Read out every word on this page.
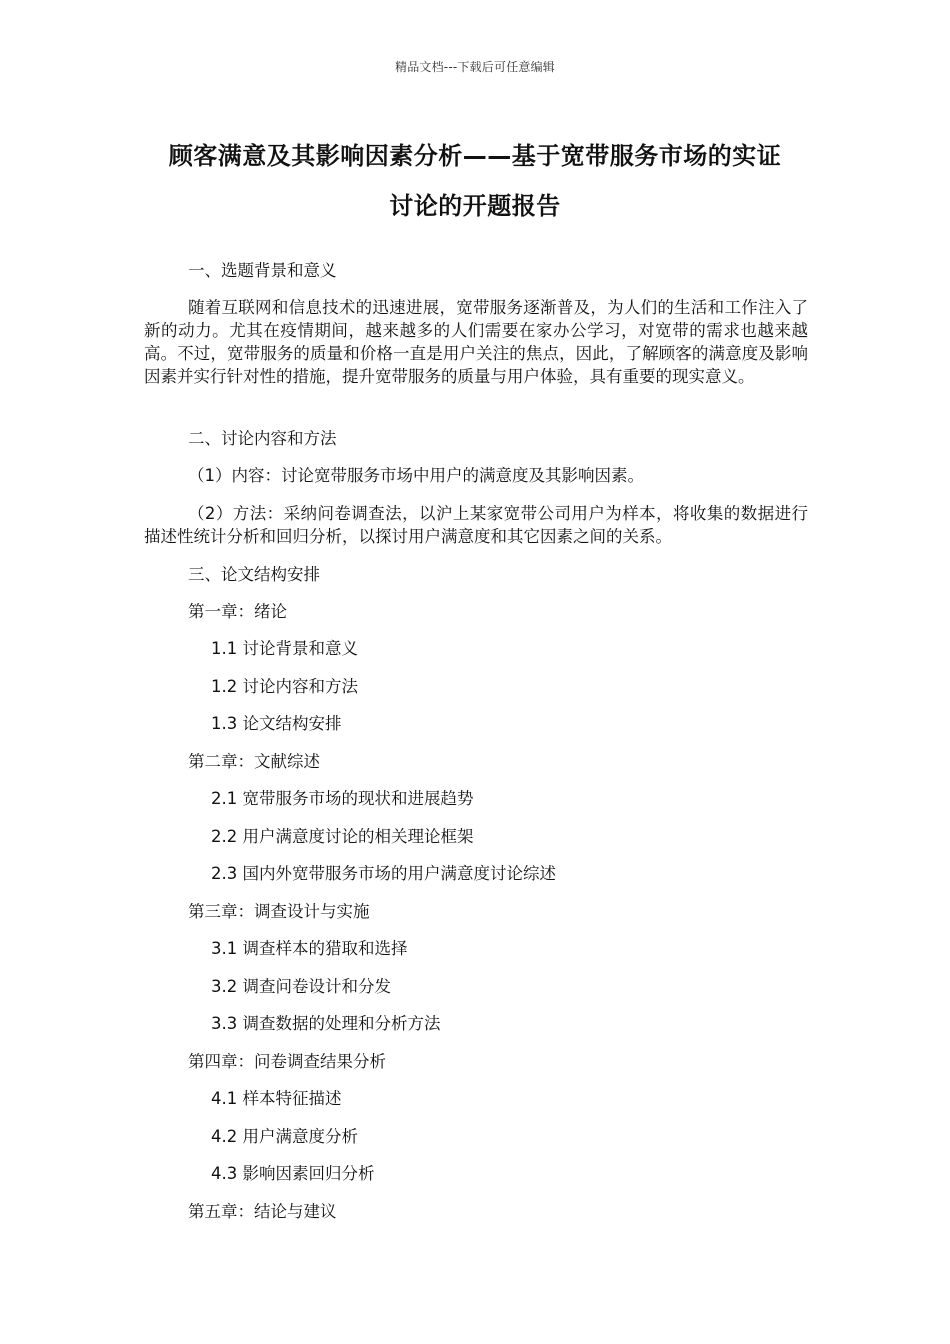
精品文档---下载后可任意编辑
顾客满意及其影响因素分析——基于宽带服务市场的实证
讨论的开题报告
一、选题背景和意义
随着互联网和信息技术的迅速进展，宽带服务逐渐普及，为人们的生活和工作注入了新的动力。尤其在疫情期间，越来越多的人们需要在家办公学习，对宽带的需求也越来越高。不过，宽带服务的质量和价格一直是用户关注的焦点，因此，了解顾客的满意度及影响因素并实行针对性的措施，提升宽带服务的质量与用户体验，具有重要的现实意义。
二、讨论内容和方法
（1）内容：讨论宽带服务市场中用户的满意度及其影响因素。
（2）方法：采纳问卷调查法，以沪上某家宽带公司用户为样本，将收集的数据进行描述性统计分析和回归分析，以探讨用户满意度和其它因素之间的关系。
三、论文结构安排
第一章：绪论
1.1 讨论背景和意义
1.2 讨论内容和方法
1.3 论文结构安排
第二章：文献综述
2.1 宽带服务市场的现状和进展趋势
2.2 用户满意度讨论的相关理论框架
2.3 国内外宽带服务市场的用户满意度讨论综述
第三章：调查设计与实施
3.1 调查样本的猎取和选择
3.2 调查问卷设计和分发
3.3 调查数据的处理和分析方法
第四章：问卷调查结果分析
4.1 样本特征描述
4.2 用户满意度分析
4.3 影响因素回归分析
第五章：结论与建议
